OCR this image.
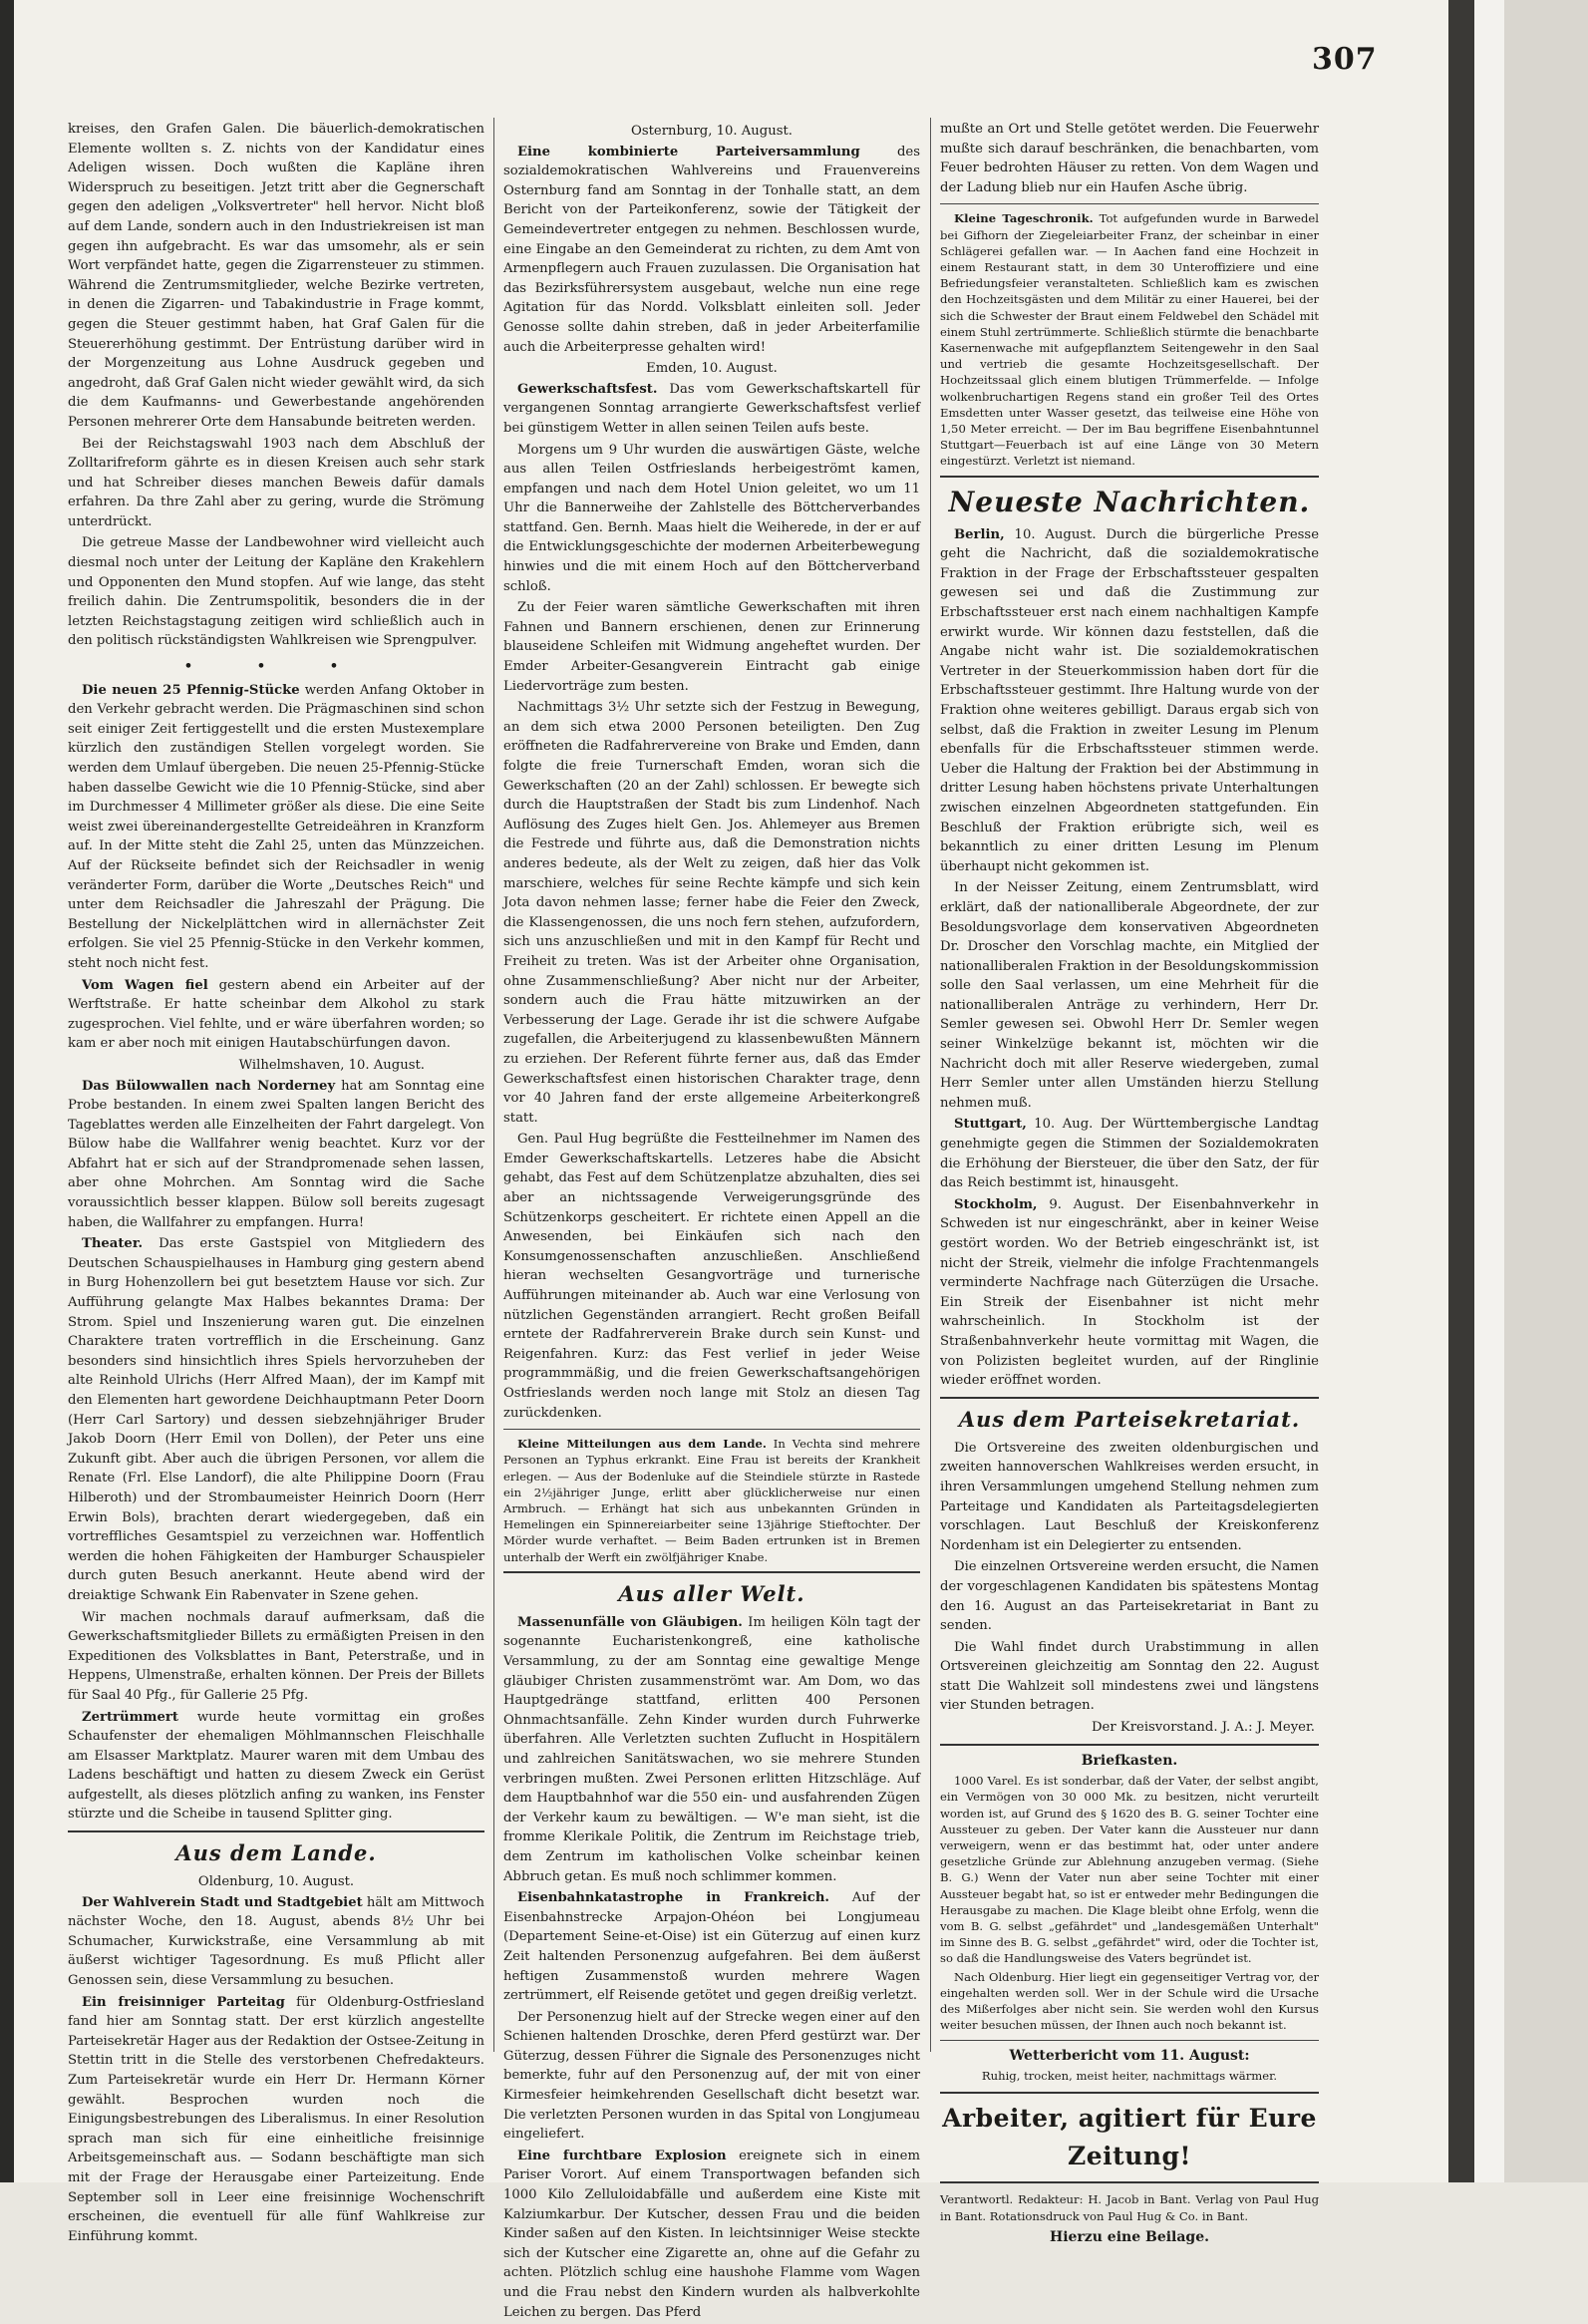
307

kreises, den Grafen Galen. Die bäuerlich-demokratischen Elemente wollten s. Z. nichts von der Kandidatur eines Adeligen wissen. Doch wußten die Kapläne ihren Widerspruch zu beseitigen. Jetzt tritt aber die Gegnerschaft gegen den adeligen „Volksvertreter" hell hervor. Nicht bloß auf dem Lande, sondern auch in den Industriekreisen ist man gegen ihn aufgebracht. Es war das umsomehr, als er sein Wort verpfändet hatte, gegen die Zigarrensteuer zu stimmen. Während die Zentrumsmitglieder, welche Bezirke vertreten, in denen die Zigarren- und Tabakindustrie in Frage kommt, gegen die Steuer gestimmt haben, hat Graf Galen für die Steuererhöhung gestimmt. Der Entrüstung darüber wird in der Morgenzeitung aus Lohne Ausdruck gegeben und angedroht, daß Graf Galen nicht wieder gewählt wird, da sich die dem Kaufmanns- und Gewerbestande angehörenden Personen mehrerer Orte dem Hansabunde beitreten werden.

Bei der Reichstagswahl 1903 nach dem Abschluß der Zolltarifreform gährte es in diesen Kreisen auch sehr stark und hat Schreiber dieses manchen Beweis dafür damals erfahren. Da thre Zahl aber zu gering, wurde die Strömung unterdrückt.

Die getreue Masse der Landbewohner wird vielleicht auch diesmal noch unter der Leitung der Kapläne den Krakehlern und Opponenten den Mund stopfen. Auf wie lange, das steht freilich dahin. Die Zentrumspolitik, besonders die in der letzten Reichstagstagung zeitigen wird schließlich auch in den politisch rückständigsten Wahlkreisen wie Sprengpulver.

• • •

Die neuen 25 Pfennig-Stücke werden Anfang Oktober in den Verkehr gebracht werden. Die Prägmaschinen sind schon seit einiger Zeit fertiggestellt und die ersten Mustexemplare kürzlich den zuständigen Stellen vorgelegt worden. Sie werden dem Umlauf übergeben. Die neuen 25-Pfennig-Stücke haben dasselbe Gewicht wie die 10 Pfennig-Stücke, sind aber im Durchmesser 4 Millimeter größer als diese. Die eine Seite weist zwei übereinandergestellte Getreideähren in Kranzform auf. In der Mitte steht die Zahl 25, unten das Münzzeichen. Auf der Rückseite befindet sich der Reichsadler in wenig veränderter Form, darüber die Worte „Deutsches Reich" und unter dem Reichsadler die Jahreszahl der Prägung. Die Bestellung der Nickelplättchen wird in allernächster Zeit erfolgen. Sie viel 25 Pfennig-Stücke in den Verkehr kommen, steht noch nicht fest.

Vom Wagen fiel gestern abend ein Arbeiter auf der Werftstraße. Er hatte scheinbar dem Alkohol zu stark zugesprochen. Viel fehlte, und er wäre überfahren worden; so kam er aber noch mit einigen Hautabschürfungen davon.

Wilhelmshaven, 10. August.

Das Bülowwallen nach Norderney hat am Sonntag eine Probe bestanden. In einem zwei Spalten langen Bericht des Tageblattes werden alle Einzelheiten der Fahrt dargelegt. Von Bülow habe die Wallfahrer wenig beachtet. Kurz vor der Abfahrt hat er sich auf der Strandpromenade sehen lassen, aber ohne Mohrchen. Am Sonntag wird die Sache voraussichtlich besser klappen. Bülow soll bereits zugesagt haben, die Wallfahrer zu empfangen. Hurra!

Theater. Das erste Gastspiel von Mitgliedern des Deutschen Schauspielhauses in Hamburg ging gestern abend in Burg Hohenzollern bei gut besetztem Hause vor sich. Zur Aufführung gelangte Max Halbes bekanntes Drama: Der Strom. Spiel und Inszenierung waren gut. Die einzelnen Charaktere traten vortrefflich in die Erscheinung. Ganz besonders sind hinsichtlich ihres Spiels hervorzuheben der alte Reinhold Ulrichs (Herr Alfred Maan), der im Kampf mit den Elementen hart gewordene Deichhauptmann Peter Doorn (Herr Carl Sartory) und dessen siebzehnjähriger Bruder Jakob Doorn (Herr Emil von Dollen), der Peter uns eine Zukunft gibt. Aber auch die übrigen Personen, vor allem die Renate (Frl. Else Landorf), die alte Philippine Doorn (Frau Hilberoth) und der Strombaumeister Heinrich Doorn (Herr Erwin Bols), brachten derart wiedergegeben, daß ein vortreffliches Gesamtspiel zu verzeichnen war. Hoffentlich werden die hohen Fähigkeiten der Hamburger Schauspieler durch guten Besuch anerkannt. Heute abend wird der dreiaktige Schwank Ein Rabenvater in Szene gehen.

Wir machen nochmals darauf aufmerksam, daß die Gewerkschaftsmitglieder Billets zu ermäßigten Preisen in den Expeditionen des Volksblattes in Bant, Peterstraße, und in Heppens, Ulmenstraße, erhalten können. Der Preis der Billets für Saal 40 Pfg., für Gallerie 25 Pfg.

Zertrümmert wurde heute vormittag ein großes Schaufenster der ehemaligen Möhlmannschen Fleischhalle am Elsasser Marktplatz. Maurer waren mit dem Umbau des Ladens beschäftigt und hatten zu diesem Zweck ein Gerüst aufgestellt, als dieses plötzlich anfing zu wanken, ins Fenster stürzte und die Scheibe in tausend Splitter ging.

Aus dem Lande.
Oldenburg, 10. August.

Der Wahlverein Stadt und Stadtgebiet hält am Mittwoch nächster Woche, den 18. August, abends 8½ Uhr bei Schumacher, Kurwickstraße, eine Versammlung ab mit äußerst wichtiger Tagesordnung. Es muß Pflicht aller Genossen sein, diese Versammlung zu besuchen.

Ein freisinniger Parteitag für Oldenburg-Ostfriesland fand hier am Sonntag statt. Der erst kürzlich angestellte Parteisekretär Hager aus der Redaktion der Ostsee-Zeitung in Stettin tritt in die Stelle des verstorbenen Chefredakteurs. Zum Parteisekretär wurde ein Herr Dr. Hermann Körner gewählt. Besprochen wurden noch die Einigungsbestrebungen des Liberalismus. In einer Resolution sprach man sich für eine einheitliche freisinnige Arbeitsgemeinschaft aus. — Sodann beschäftigte man sich mit der Frage der Herausgabe einer Parteizeitung. Ende September soll in Leer eine freisinnige Wochenschrift erscheinen, die eventuell für alle fünf Wahlkreise zur Einführung kommt.

Osternburg, 10. August.

Eine kombinierte Parteiversammlung des sozialdemokratischen Wahlvereins und Frauenvereins Osternburg fand am Sonntag in der Tonhalle statt, an dem Bericht von der Parteikonferenz, sowie der Tätigkeit der Gemeindevertreter entgegen zu nehmen. Beschlossen wurde, eine Eingabe an den Gemeinderat zu richten, zu dem Amt von Armenpflegern auch Frauen zuzulassen. Die Organisation hat das Bezirksführersystem ausgebaut, welche nun eine rege Agitation für das Nordd. Volksblatt einleiten soll. Jeder Genosse sollte dahin streben, daß in jeder Arbeiterfamilie auch die Arbeiterpresse gehalten wird!

Emden, 10. August.

Gewerkschaftsfest. Das vom Gewerkschaftskartell für vergangenen Sonntag arrangierte Gewerkschaftsfest verlief bei günstigem Wetter in allen seinen Teilen aufs beste.

Morgens um 9 Uhr wurden die auswärtigen Gäste, welche aus allen Teilen Ostfrieslands herbeigeströmt kamen, empfangen und nach dem Hotel Union geleitet, wo um 11 Uhr die Bannerweihe der Zahlstelle des Böttcherverbandes stattfand. Gen. Bernh. Maas hielt die Weiherede, in der er auf die Entwicklungsgeschichte der modernen Arbeiterbewegung hinwies und die mit einem Hoch auf den Böttcherverband schloß.

Zu der Feier waren sämtliche Gewerkschaften mit ihren Fahnen und Bannern erschienen, denen zur Erinnerung blauseidene Schleifen mit Widmung angeheftet wurden. Der Emder Arbeiter-Gesangverein Eintracht gab einige Liedervorträge zum besten.

Nachmittags 3½ Uhr setzte sich der Festzug in Bewegung, an dem sich etwa 2000 Personen beteiligten. Den Zug eröffneten die Radfahrervereine von Brake und Emden, dann folgte die freie Turnerschaft Emden, woran sich die Gewerkschaften (20 an der Zahl) schlossen. Er bewegte sich durch die Hauptstraßen der Stadt bis zum Lindenhof. Nach Auflösung des Zuges hielt Gen. Jos. Ahlemeyer aus Bremen die Festrede und führte aus, daß die Demonstration nichts anderes bedeute, als der Welt zu zeigen, daß hier das Volk marschiere, welches für seine Rechte kämpfe und sich kein Jota davon nehmen lasse; ferner habe die Feier den Zweck, die Klassengenossen, die uns noch fern stehen, aufzufordern, sich uns anzuschließen und mit in den Kampf für Recht und Freiheit zu treten. Was ist der Arbeiter ohne Organisation, ohne Zusammenschließung? Aber nicht nur der Arbeiter, sondern auch die Frau hätte mitzuwirken an der Verbesserung der Lage. Gerade ihr ist die schwere Aufgabe zugefallen, die Arbeiterjugend zu klassenbewußten Männern zu erziehen. Der Referent führte ferner aus, daß das Emder Gewerkschaftsfest einen historischen Charakter trage, denn vor 40 Jahren fand der erste allgemeine Arbeiterkongreß statt.

Gen. Paul Hug begrüßte die Festteilnehmer im Namen des Emder Gewerkschaftskartells. Letzeres habe die Absicht gehabt, das Fest auf dem Schützenplatze abzuhalten, dies sei aber an nichtssagende Verweigerungsgründe des Schützenkorps gescheitert. Er richtete einen Appell an die Anwesenden, bei Einkäufen sich nach den Konsumgenossenschaften anzuschließen. Anschließend hieran wechselten Gesangvorträge und turnerische Aufführungen miteinander ab. Auch war eine Verlosung von nützlichen Gegenständen arrangiert. Recht großen Beifall erntete der Radfahrerverein Brake durch sein Kunst- und Reigenfahren. Kurz: das Fest verlief in jeder Weise programmmäßig, und die freien Gewerkschaftsangehörigen Ostfrieslands werden noch lange mit Stolz an diesen Tag zurückdenken.

Kleine Mitteilungen aus dem Lande. In Vechta sind mehrere Personen an Typhus erkrankt. Eine Frau ist bereits der Krankheit erlegen. — Aus der Bodenluke auf die Steindiele stürzte in Rastede ein 2½jähriger Junge, erlitt aber glücklicherweise nur einen Armbruch. — Erhängt hat sich aus unbekannten Gründen in Hemelingen ein Spinnereiarbeiter seine 13jährige Stieftochter. Der Mörder wurde verhaftet. — Beim Baden ertrunken ist in Bremen unterhalb der Werft ein zwölfjähriger Knabe.

Aus aller Welt.

Massenunfälle von Gläubigen. Im heiligen Köln tagt der sogenannte Eucharistenkongreß, eine katholische Versammlung, zu der am Sonntag eine gewaltige Menge gläubiger Christen zusammenströmt war. Am Dom, wo das Hauptgedränge stattfand, erlitten 400 Personen Ohnmachtsanfälle. Zehn Kinder wurden durch Fuhrwerke überfahren. Alle Verletzten suchten Zuflucht in Hospitälern und zahlreichen Sanitätswachen, wo sie mehrere Stunden verbringen mußten. Zwei Personen erlitten Hitzschläge. Auf dem Hauptbahnhof war die 550 ein- und ausfahrenden Zügen der Verkehr kaum zu bewältigen. — W'e man sieht, ist die fromme Klerikale Politik, die Zentrum im Reichstage trieb, dem Zentrum im katholischen Volke scheinbar keinen Abbruch getan. Es muß noch schlimmer kommen.

Eisenbahnkatastrophe in Frankreich. Auf der Eisenbahnstrecke Arpajon-Ohéon bei Longjumeau (Departement Seine-et-Oise) ist ein Güterzug auf einen kurz Zeit haltenden Personenzug aufgefahren. Bei dem äußerst heftigen Zusammenstoß wurden mehrere Wagen zertrümmert, elf Reisende getötet und gegen dreißig verletzt.

Der Personenzug hielt auf der Strecke wegen einer auf den Schienen haltenden Droschke, deren Pferd gestürzt war. Der Güterzug, dessen Führer die Signale des Personenzuges nicht bemerkte, fuhr auf den Personenzug auf, der mit von einer Kirmesfeier heimkehrenden Gesellschaft dicht besetzt war. Die verletzten Personen wurden in das Spital von Longjumeau eingeliefert.

Eine furchtbare Explosion ereignete sich in einem Pariser Vorort. Auf einem Transportwagen befanden sich 1000 Kilo Zelluloidabfälle und außerdem eine Kiste mit Kalziumkarbur. Der Kutscher, dessen Frau und die beiden Kinder saßen auf den Kisten. In leichtsinniger Weise steckte sich der Kutscher eine Zigarette an, ohne auf die Gefahr zu achten. Plötzlich schlug eine haushohe Flamme vom Wagen und die Frau nebst den Kindern wurden als halbverkohlte Leichen zu bergen. Das Pferd

mußte an Ort und Stelle getötet werden. Die Feuerwehr mußte sich darauf beschränken, die benachbarten, vom Feuer bedrohten Häuser zu retten. Von dem Wagen und der Ladung blieb nur ein Haufen Asche übrig.

Kleine Tageschronik. Tot aufgefunden wurde in Barwedel bei Gifhorn der Ziegeleiarbeiter Franz, der scheinbar in einer Schlägerei gefallen war. — In Aachen fand eine Hochzeit in einem Restaurant statt, in dem 30 Unteroffiziere und eine Befriedungsfeier veranstalteten. Schließlich kam es zwischen den Hochzeitsgästen und dem Militär zu einer Hauerei, bei der sich die Schwester der Braut einem Feldwebel den Schädel mit einem Stuhl zertrümmerte. Schließlich stürmte die benachbarte Kasernenwache mit aufgepflanztem Seitengewehr in den Saal und vertrieb die gesamte Hochzeitsgesellschaft. Der Hochzeitssaal glich einem blutigen Trümmerfelde. — Infolge wolkenbruchartigen Regens stand ein großer Teil des Ortes Emsdetten unter Wasser gesetzt, das teilweise eine Höhe von 1,50 Meter erreicht. — Der im Bau begriffene Eisenbahntunnel Stuttgart—Feuerbach ist auf eine Länge von 30 Metern eingestürzt. Verletzt ist niemand.

Neueste Nachrichten.

Berlin, 10. August. Durch die bürgerliche Presse geht die Nachricht, daß die sozialdemokratische Fraktion in der Frage der Erbschaftssteuer gespalten gewesen sei und daß die Zustimmung zur Erbschaftssteuer erst nach einem nachhaltigen Kampfe erwirkt wurde. Wir können dazu feststellen, daß die Angabe nicht wahr ist. Die sozialdemokratischen Vertreter in der Steuerkommission haben dort für die Erbschaftssteuer gestimmt. Ihre Haltung wurde von der Fraktion ohne weiteres gebilligt. Daraus ergab sich von selbst, daß die Fraktion in zweiter Lesung im Plenum ebenfalls für die Erbschaftssteuer stimmen werde. Ueber die Haltung der Fraktion bei der Abstimmung in dritter Lesung haben höchstens private Unterhaltungen zwischen einzelnen Abgeordneten stattgefunden. Ein Beschluß der Fraktion erübrigte sich, weil es bekanntlich zu einer dritten Lesung im Plenum überhaupt nicht gekommen ist.

In der Neisser Zeitung, einem Zentrumsblatt, wird erklärt, daß der nationalliberale Abgeordnete, der zur Besoldungsvorlage dem konservativen Abgeordneten Dr. Droscher den Vorschlag machte, ein Mitglied der nationalliberalen Fraktion in der Besoldungskommission solle den Saal verlassen, um eine Mehrheit für die nationalliberalen Anträge zu verhindern, Herr Dr. Semler gewesen sei. Obwohl Herr Dr. Semler wegen seiner Winkelzüge bekannt ist, möchten wir die Nachricht doch mit aller Reserve wiedergeben, zumal Herr Semler unter allen Umständen hierzu Stellung nehmen muß.

Stuttgart, 10. Aug. Der Württembergische Landtag genehmigte gegen die Stimmen der Sozialdemokraten die Erhöhung der Biersteuer, die über den Satz, der für das Reich bestimmt ist, hinausgeht.

Stockholm, 9. August. Der Eisenbahnverkehr in Schweden ist nur eingeschränkt, aber in keiner Weise gestört worden. Wo der Betrieb eingeschränkt ist, ist nicht der Streik, vielmehr die infolge Frachtenmangels verminderte Nachfrage nach Güterzügen die Ursache. Ein Streik der Eisenbahner ist nicht mehr wahrscheinlich. In Stockholm ist der Straßenbahnverkehr heute vormittag mit Wagen, die von Polizisten begleitet wurden, auf der Ringlinie wieder eröffnet worden.

Aus dem Parteisekretariat.

Die Ortsvereine des zweiten oldenburgischen und zweiten hannoverschen Wahlkreises werden ersucht, in ihren Versammlungen umgehend Stellung nehmen zum Parteitage und Kandidaten als Parteitagsdelegierten vorschlagen. Laut Beschluß der Kreiskonferenz Nordenham ist ein Delegierter zu entsenden.

Die einzelnen Ortsvereine werden ersucht, die Namen der vorgeschlagenen Kandidaten bis spätestens Montag den 16. August an das Parteisekretariat in Bant zu senden.

Die Wahl findet durch Urabstimmung in allen Ortsvereinen gleichzeitig am Sonntag den 22. August statt Die Wahlzeit soll mindestens zwei und längstens vier Stunden betragen.

Der Kreisvorstand. J. A.: J. Meyer.
Briefkasten.

1000 Varel. Es ist sonderbar, daß der Vater, der selbst angibt, ein Vermögen von 30 000 Mk. zu besitzen, nicht verurteilt worden ist, auf Grund des § 1620 des B. G. seiner Tochter eine Aussteuer zu geben. Der Vater kann die Aussteuer nur dann verweigern, wenn er das bestimmt hat, oder unter andere gesetzliche Gründe zur Ablehnung anzugeben vermag. (Siehe B. G.) Wenn der Vater nun aber seine Tochter mit einer Aussteuer begabt hat, so ist er entweder mehr Bedingungen die Herausgabe zu machen. Die Klage bleibt ohne Erfolg, wenn die vom B. G. selbst „gefährdet" und „landesgemäßen Unterhalt" im Sinne des B. G. selbst „gefährdet" wird, oder die Tochter ist, so daß die Handlungsweise des Vaters begründet ist.

Nach Oldenburg. Hier liegt ein gegenseitiger Vertrag vor, der eingehalten werden soll. Wer in der Schule wird die Ursache des Mißerfolges aber nicht sein. Sie werden wohl den Kursus weiter besuchen müssen, der Ihnen auch noch bekannt ist.

Wetterbericht vom 11. August:
Ruhig, trocken, meist heiter, nachmittags wärmer.
Arbeiter, agitiert für Eure Zeitung!

Verantwortl. Redakteur: H. Jacob in Bant. Verlag von Paul Hug in Bant. Rotationsdruck von Paul Hug & Co. in Bant.

Hierzu eine Beilage.
